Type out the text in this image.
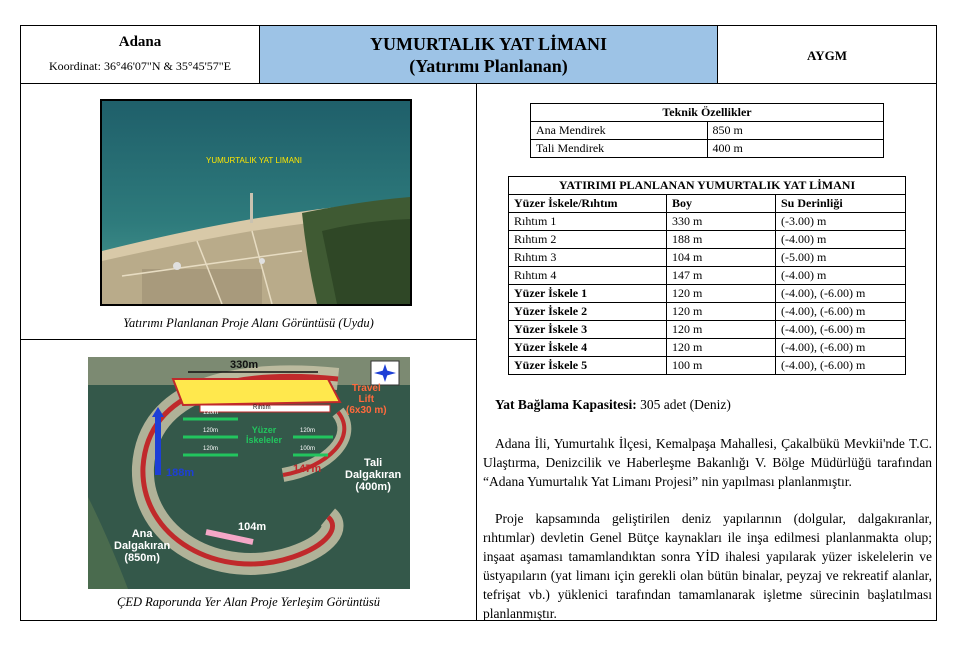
Adana
Koordinat: 36°46'07"N & 35°45'57"E
YUMURTALIK YAT LİMANI
(Yatırımı Planlanan)
AYGM
YUMURTALIK YAT LIMANI
Yatırımı Planlanan Proje Alanı Görüntüsü (Uydu)
330m
Rıhtım
Travel
Lift
(6x30 m)
188m	147m
104m
120m
120m
120m
120m
100m
Yüzer
İskeleler
Tali
Dalgakıran
(400m)
Ana
Dalgakıran
(850m)
ÇED Raporunda Yer Alan Proje Yerleşim Görüntüsü
Teknik Özellikler	
Ana Mendirek	850 m
Tali Mendirek	400 m
YATIRIMI PLANLANAN YUMURTALIK YAT LİMANI		
Yüzer İskele/Rıhtım	Boy	Su Derinliği
Rıhtım 1	330 m	(-3.00) m
Rıhtım 2	188 m	(-4.00) m
Rıhtım 3	104 m	(-5.00) m
Rıhtım 4	147 m	(-4.00) m
Yüzer İskele 1	120 m	(-4.00), (-6.00) m
Yüzer İskele 2	120 m	(-4.00), (-6.00) m
Yüzer İskele 3	120 m	(-4.00), (-6.00) m
Yüzer İskele 4	120 m	(-4.00), (-6.00) m
Yüzer İskele 5	100 m	(-4.00), (-6.00) m
Yat Bağlama Kapasitesi: 305 adet (Deniz)
Adana İli, Yumurtalık İlçesi, Kemalpaşa Mahallesi, Çakalbükü Mevkii'nde T.C. Ulaştırma, Denizcilik ve Haberleşme Bakanlığı V. Bölge Müdürlüğü tarafından “Adana Yumurtalık Yat Limanı Projesi” nin yapılması planlanmıştır.
Proje kapsamında geliştirilen deniz yapılarının (dolgular, dalgakıranlar, rıhtımlar) devletin Genel Bütçe kaynakları ile inşa edilmesi planlanmakta olup; inşaat aşaması tamamlandıktan sonra YİD ihalesi yapılarak yüzer iskelelerin ve üstyapıların (yat limanı için gerekli olan bütün binalar, peyzaj ve rekreatif alanlar, tefrişat vb.) yüklenici tarafından tamamlanarak işletme sürecinin başlatılması planlanmıştır.
